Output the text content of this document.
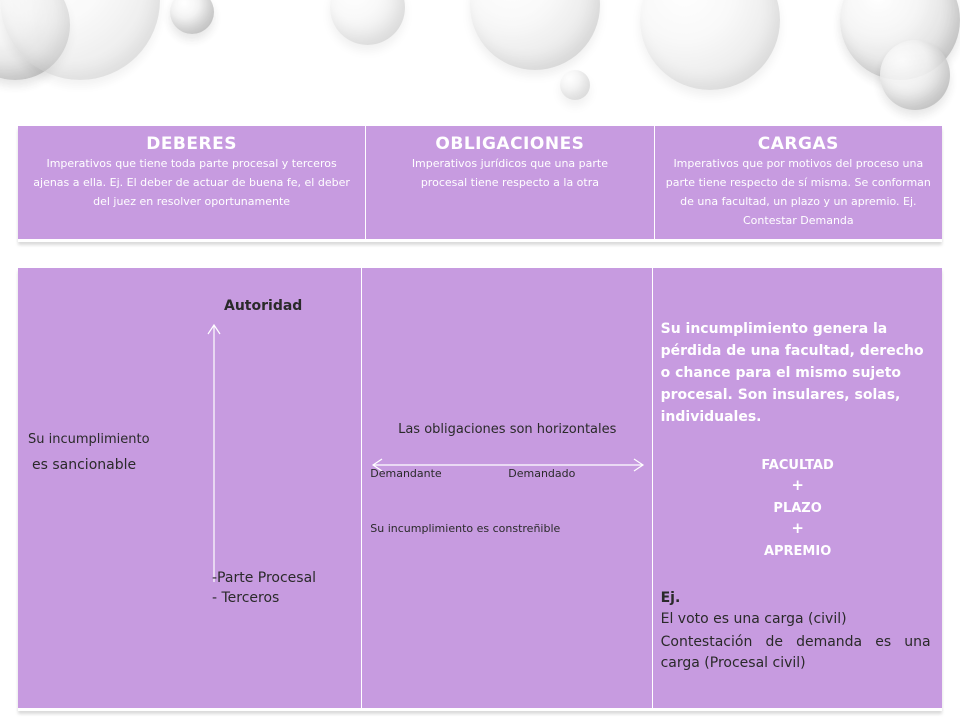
DEBERES
Imperativos que tiene toda parte procesal y terceros ajenas a ella. Ej. El deber de actuar de buena fe, el deber del juez en resolver oportunamente

OBLIGACIONES
Imperativos jurídicos que una parte procesal tiene respecto a la otra

CARGAS
Imperativos que por motivos del proceso una parte tiene respecto de sí misma. Se conforman de una facultad, un plazo y un apremio. Ej. Contestar Demanda
Autoridad
Su incumplimiento
es sancionable
-Parte Procesal
- Terceros

Las obligaciones son horizontales
Demandante	Demandado
Su incumplimiento es constreñible

Su incumplimiento genera la pérdida de una facultad, derecho o chance para el mismo sujeto procesal. Son insulares, solas, individuales.
FACULTAD
+
PLAZO
+
APREMIO
Ej.
El voto es una carga (civil)
Contestación de demanda es una carga (Procesal civil)
